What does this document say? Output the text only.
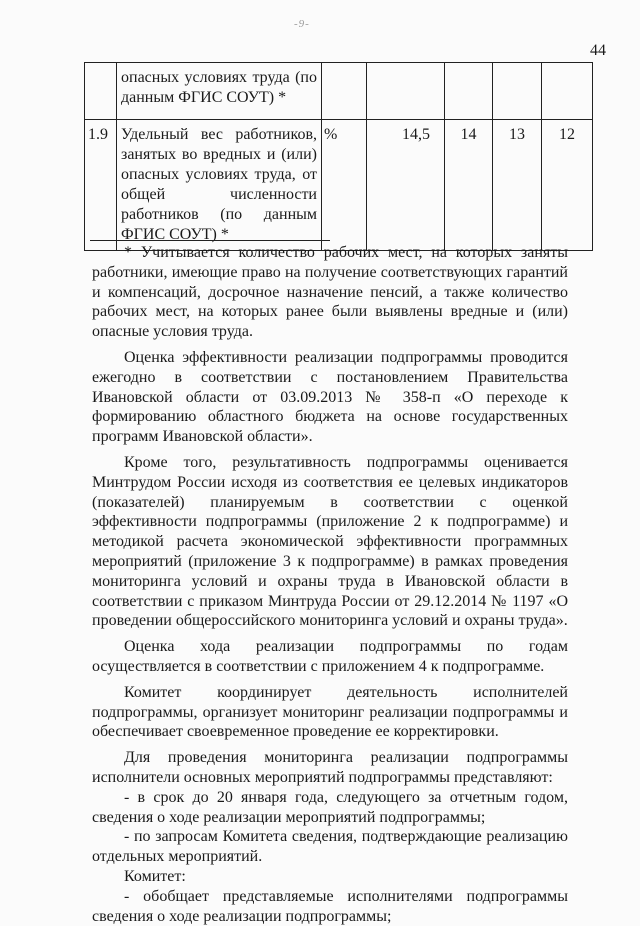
-9-
44
	опасных условиях труда (по данным ФГИС СОУТ) *					
1.9	Удельный вес работников, занятых во вредных и (или) опасных условиях труда, от общей численности работников (по данным ФГИС СОУТ) *	%	14,5	14	13	12

* Учитывается количество рабочих мест, на которых заняты работники, имеющие право на получение соответствующих гарантий и компенсаций, досрочное назначение пенсий, а также количество рабочих мест, на которых ранее были выявлены вредные и (или) опасные условия труда.

Оценка эффективности реализации подпрограммы проводится ежегодно в соответствии с постановлением Правительства Ивановской области от 03.09.2013 № 358-п «О переходе к формированию областного бюджета на основе государственных программ Ивановской области».

Кроме того, результативность подпрограммы оценивается Минтрудом России исходя из соответствия ее целевых индикаторов (показателей) планируемым в соответствии с оценкой эффективности подпрограммы (приложение 2 к подпрограмме) и методикой расчета экономической эффективности программных мероприятий (приложение 3 к подпрограмме) в рамках проведения мониторинга условий и охраны труда в Ивановской области в соответствии с приказом Минтруда России от 29.12.2014 № 1197 «О проведении общероссийского мониторинга условий и охраны труда».

Оценка хода реализации подпрограммы по годам осуществляется в соответствии с приложением 4 к подпрограмме.

Комитет координирует деятельность исполнителей подпрограммы, организует мониторинг реализации подпрограммы и обеспечивает своевременное проведение ее корректировки.

Для проведения мониторинга реализации подпрограммы исполнители основных мероприятий подпрограммы представляют:

- в срок до 20 января года, следующего за отчетным годом, сведения о ходе реализации мероприятий подпрограммы;

- по запросам Комитета сведения, подтверждающие реализацию отдельных мероприятий.

Комитет:

- обобщает представляемые исполнителями подпрограммы сведения о ходе реализации подпрограммы;
